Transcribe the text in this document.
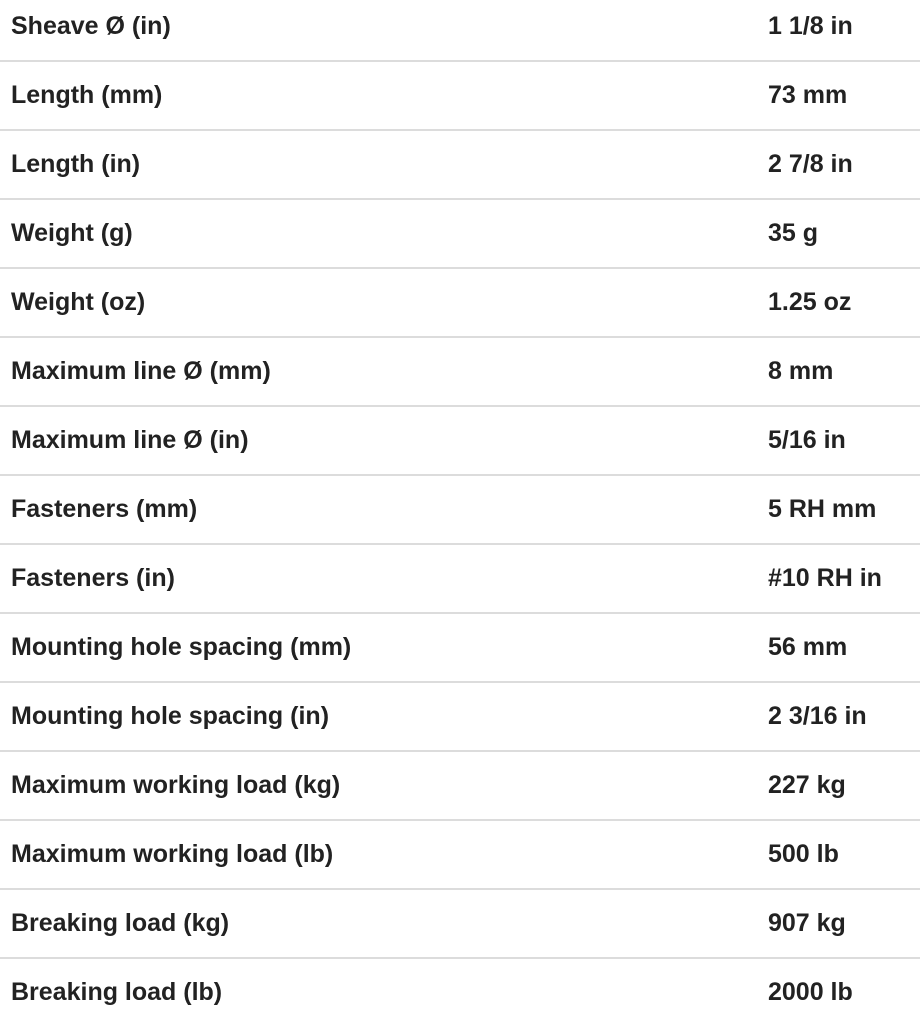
Sheave Ø (in)	1 1/8 in
Length (mm)	73 mm
Length (in)	2 7/8 in
Weight (g)	35 g
Weight (oz)	1.25 oz
Maximum line Ø (mm)	8 mm
Maximum line Ø (in)	5/16 in
Fasteners (mm)	5 RH mm
Fasteners (in)	#10 RH in
Mounting hole spacing (mm)	56 mm
Mounting hole spacing (in)	2 3/16 in
Maximum working load (kg)	227 kg
Maximum working load (lb)	500 lb
Breaking load (kg)	907 kg
Breaking load (lb)	2000 lb
